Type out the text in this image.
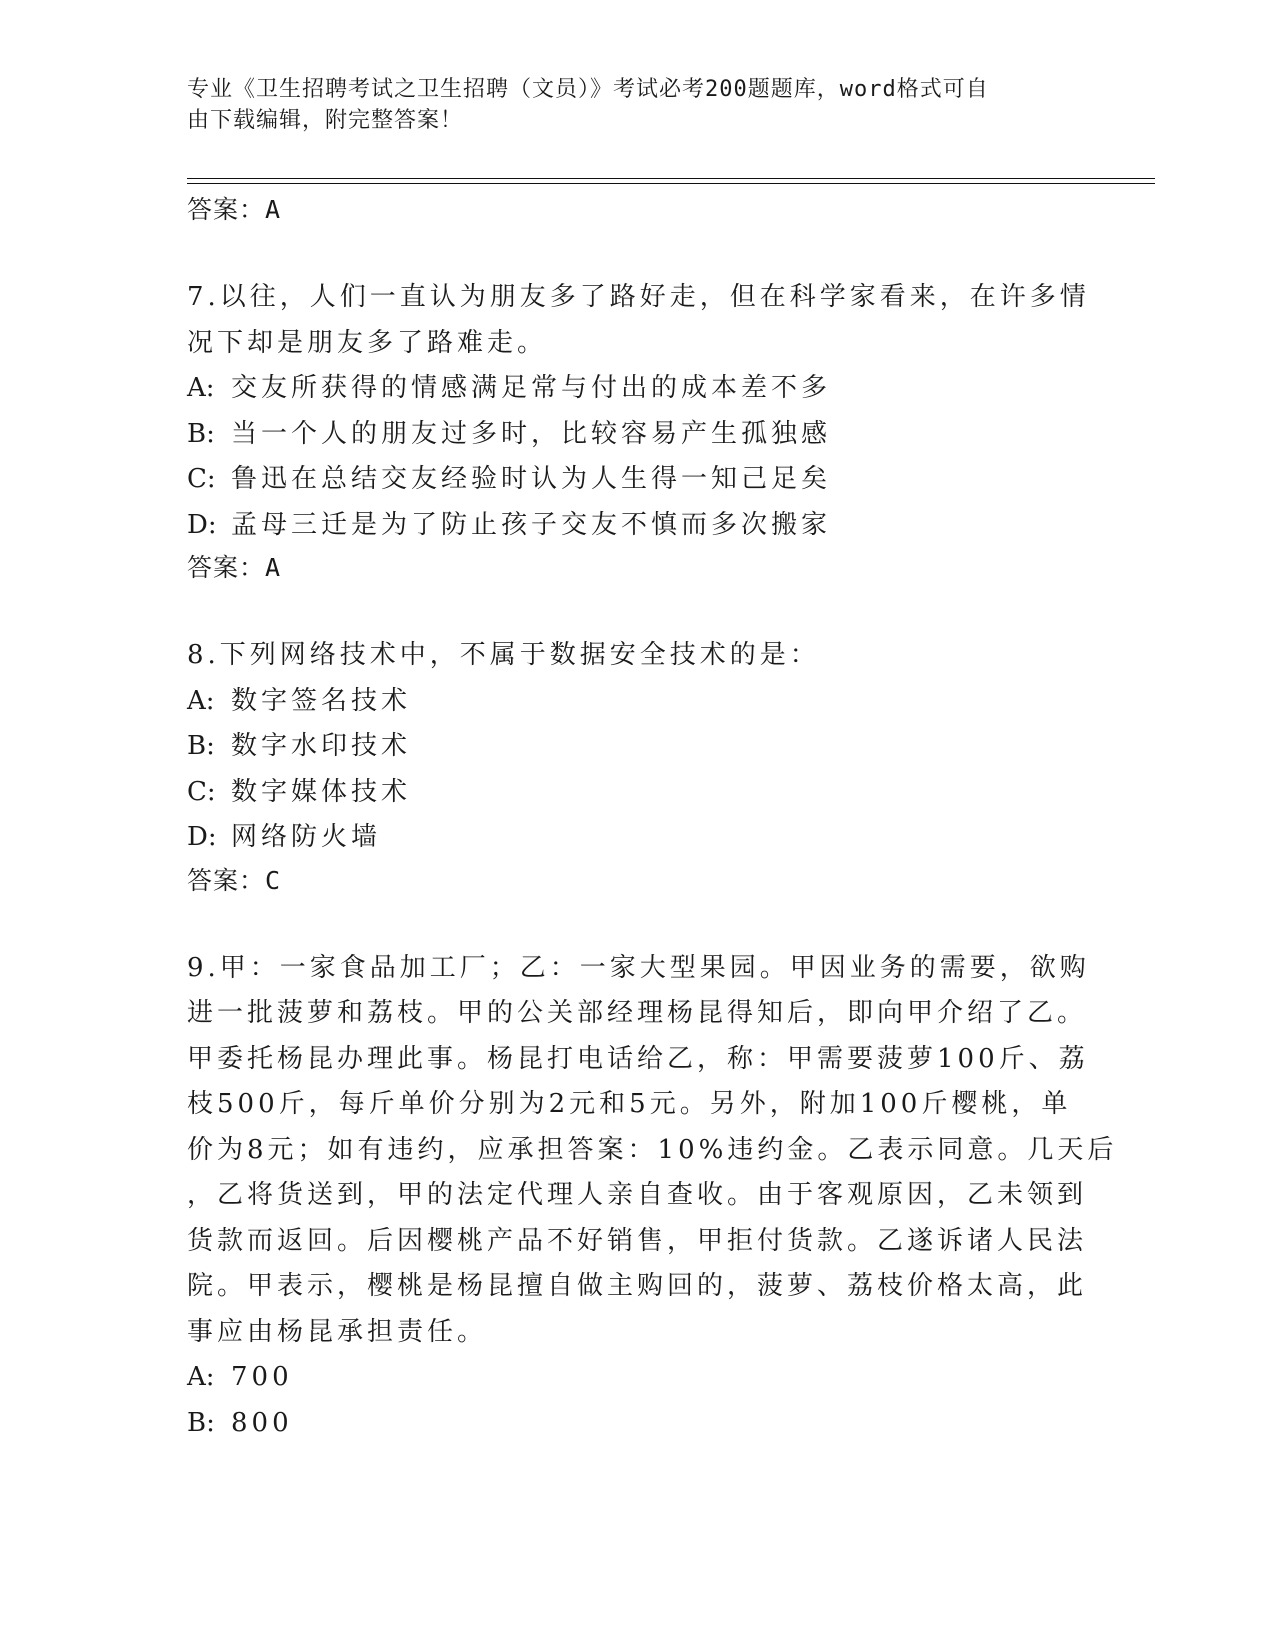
专业《卫生招聘考试之卫生招聘（文员）》考试必考200题题库，word格式可自
由下载编辑，附完整答案！
答案：A
7.以往，人们一直认为朋友多了路好走，但在科学家看来，在许多情
况下却是朋友多了路难走。
A: 交友所获得的情感满足常与付出的成本差不多
B: 当一个人的朋友过多时，比较容易产生孤独感
C: 鲁迅在总结交友经验时认为人生得一知己足矣
D: 孟母三迁是为了防止孩子交友不慎而多次搬家
答案：A
8.下列网络技术中，不属于数据安全技术的是：
A: 数字签名技术
B: 数字水印技术
C: 数字媒体技术
D: 网络防火墙
答案：C
9.甲：一家食品加工厂；乙：一家大型果园。甲因业务的需要，欲购
进一批菠萝和荔枝。甲的公关部经理杨昆得知后，即向甲介绍了乙。
甲委托杨昆办理此事。杨昆打电话给乙，称：甲需要菠萝100斤、荔
枝500斤，每斤单价分别为2元和5元。另外，附加100斤樱桃，单
价为8元；如有违约，应承担答案：10%违约金。乙表示同意。几天后
，乙将货送到，甲的法定代理人亲自查收。由于客观原因，乙未领到
货款而返回。后因樱桃产品不好销售，甲拒付货款。乙遂诉诸人民法
院。甲表示，樱桃是杨昆擅自做主购回的，菠萝、荔枝价格太高，此
事应由杨昆承担责任。
A: 700
B: 800
